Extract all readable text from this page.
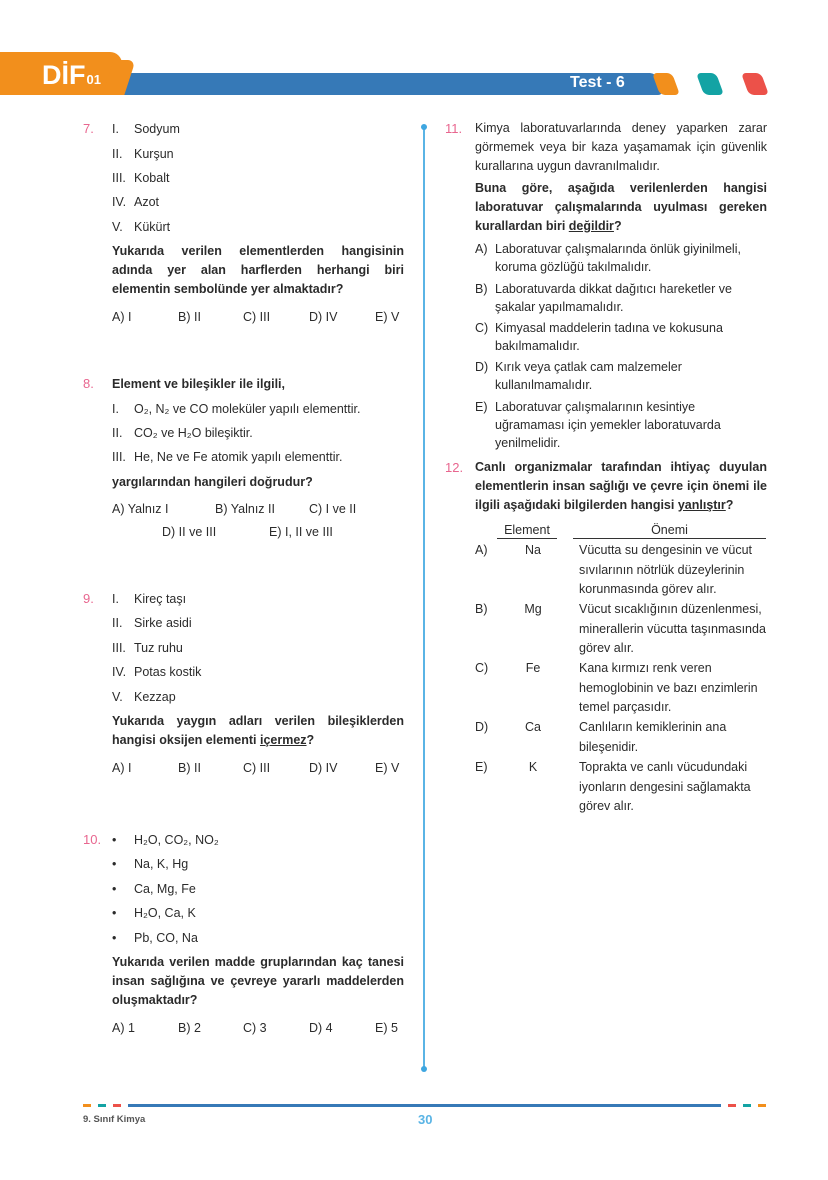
DİF01	Test - 6
7. I. Sodyum
II. Kurşun
III. Kobalt
IV. Azot
V. Kükürt
Yukarıda verilen elementlerden hangisinin adında yer alan harflerden herhangi biri elementin sembolünde yer almaktadır?
A) I	B) II	C) III	D) IV	E) V
8. Element ve bileşikler ile ilgili,
I. O₂, N₂ ve CO moleküler yapılı elementtir.
II. CO₂ ve H₂O bileşiktir.
III. He, Ne ve Fe atomik yapılı elementtir.
yargılarından hangileri doğrudur?
A) Yalnız I	B) Yalnız II	C) I ve II
D) II ve III	E) I, II ve III
9. I. Kireç taşı
II. Sirke asidi
III. Tuz ruhu
IV. Potas kostik
V. Kezzap
Yukarıda yaygın adları verilen bileşiklerden
hangisi oksijen elementi içermez?
A) I	B) II	C) III	D) IV	E) V
10. • H₂O, CO₂, NO₂
• Na, K, Hg
• Ca, Mg, Fe
• H₂O, Ca, K
• Pb, CO, Na
Yukarıda verilen madde gruplarından kaç tanesi insan sağlığına ve çevreye yararlı maddelerden oluşmaktadır?
A) 1	B) 2	C) 3	D) 4	E) 5
11. Kimya laboratuvarlarında deney yaparken zarar görmemek veya bir kaza yaşamamak için güvenlik kurallarına uygun davranılmalıdır.
Buna göre, aşağıda verilenlerden hangisi laboratuvar çalışmalarında uyulması gereken kurallardan biri değildir?
A) Laboratuvar çalışmalarında önlük giyinilmeli, koruma gözlüğü takılmalıdır.
B) Laboratuvarda dikkat dağıtıcı hareketler ve şakalar yapılmamalıdır.
C) Kimyasal maddelerin tadına ve kokusuna bakılmamalıdır.
D) Kırık veya çatlak cam malzemeler kullanılmamalıdır.
E) Laboratuvar çalışmalarının kesintiye uğramaması için yemekler laboratuvarda yenilmelidir.
12. Canlı organizmalar tarafından ihtiyaç duyulan elementlerin insan sağlığı ve çevre için önemi ile ilgili aşağıdaki bilgilerden hangisi yanlıştır?
Element	Önemi
A)	Na	Vücutta su dengesinin ve vücut sıvılarının nötrlük düzeylerinin korunmasında görev alır.
B)	Mg	Vücut sıcaklığının düzenlenmesi, minerallerin vücutta taşınmasında görev alır.
C)	Fe	Kana kırmızı renk veren hemoglobinin ve bazı enzimlerin temel parçasıdır.
D)	Ca	Canlıların kemiklerinin ana bileşenidir.
E)	K	Toprakta ve canlı vücudundaki iyonların dengesini sağlamakta görev alır.
9. Sınıf Kimya	30
